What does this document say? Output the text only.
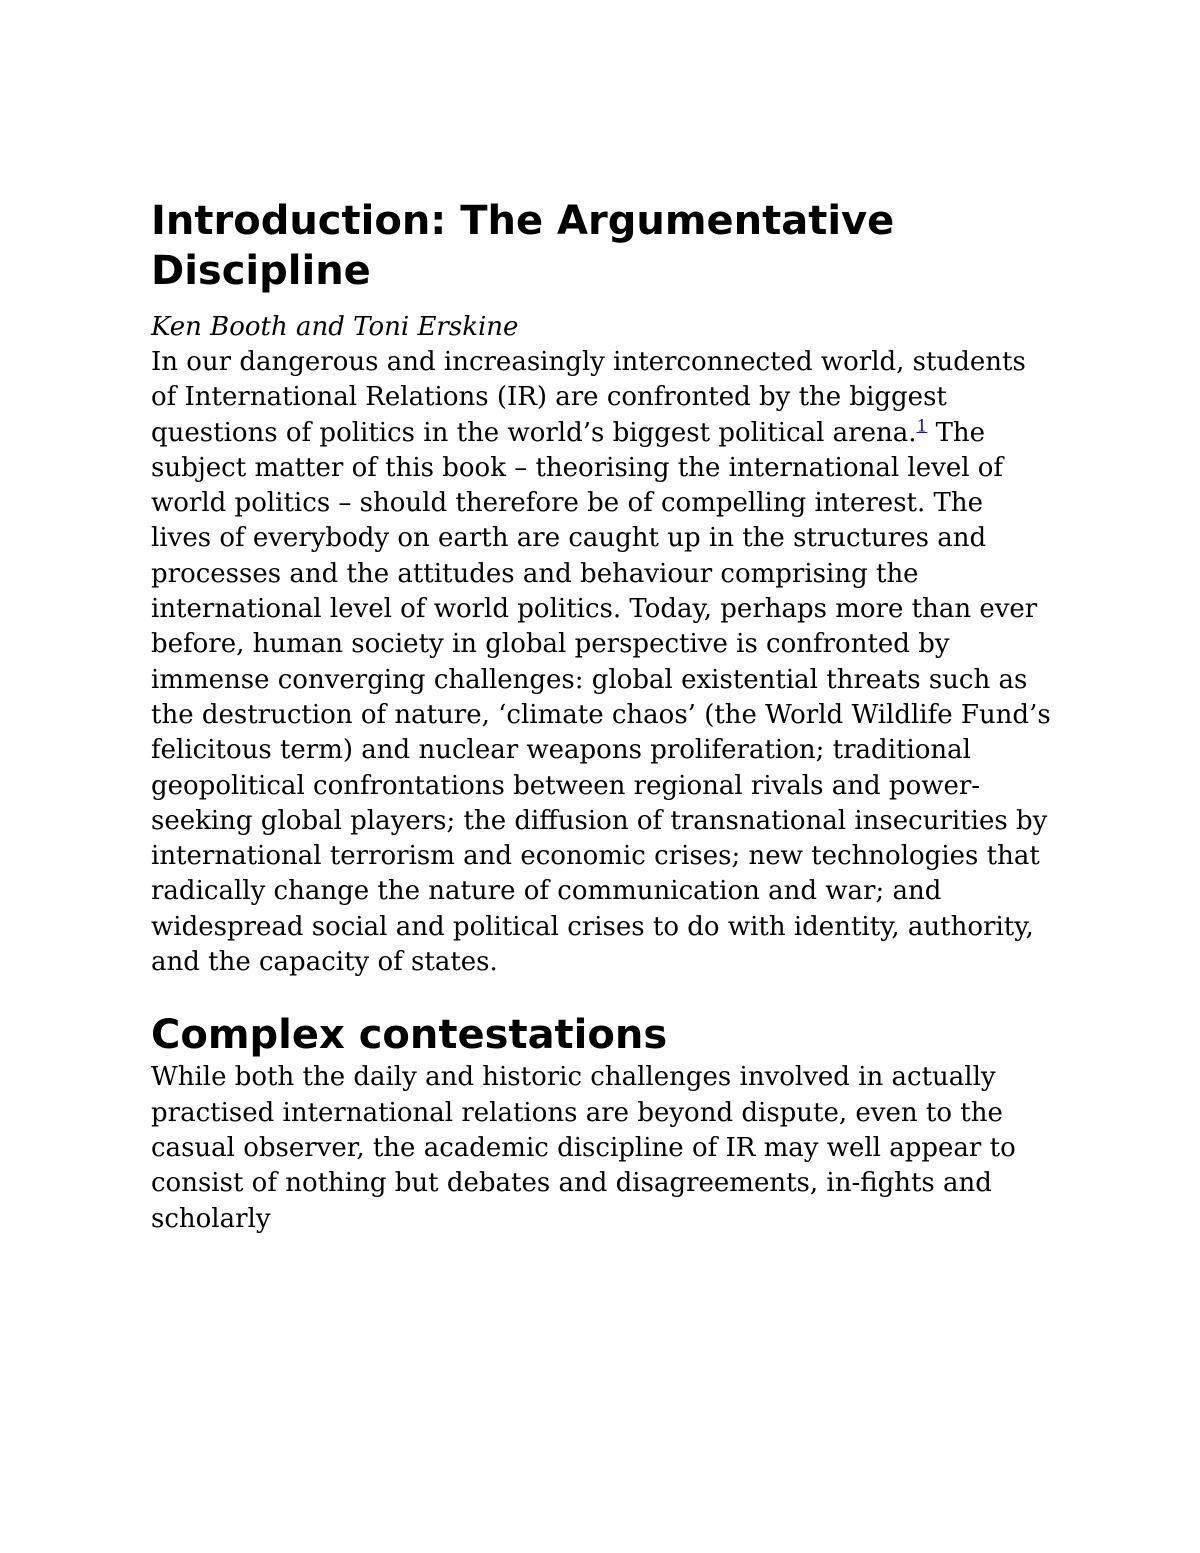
Introduction: The Argumentative Discipline
Ken Booth and Toni Erskine

In our dangerous and increasingly interconnected world, students of International Relations (IR) are confronted by the biggest questions of politics in the world’s biggest political arena.$^1$ The subject matter of this book – theorising the international level of world politics – should therefore be of compelling interest. The lives of everybody on earth are caught up in the structures and processes and the attitudes and behaviour comprising the international level of world politics. Today, perhaps more than ever before, human society in global perspective is confronted by immense converging challenges: global existential threats such as the destruction of nature, ‘climate chaos’ (the World Wildlife Fund’s felicitous term) and nuclear weapons proliferation; traditional geopolitical confrontations between regional rivals and power-seeking global players; the diffusion of transnational insecurities by international terrorism and economic crises; new technologies that radically change the nature of communication and war; and widespread social and political crises to do with identity, authority, and the capacity of states.

Complex contestations

While both the daily and historic challenges involved in actually practised international relations are beyond dispute, even to the casual observer, the academic discipline of IR may well appear to consist of nothing but debates and disagreements, in-fights and scholarly
